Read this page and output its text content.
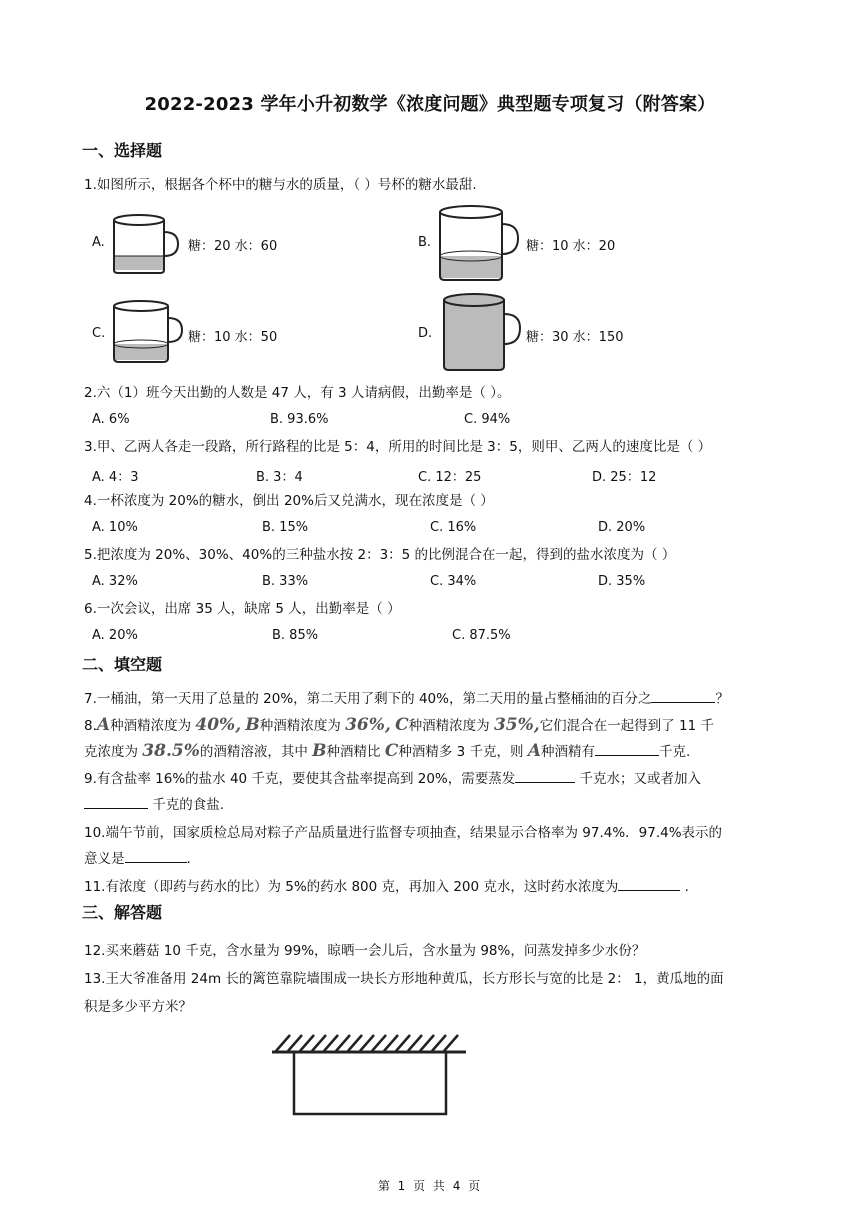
2022-2023 学年小升初数学《浓度问题》典型题专项复习（附答案）
一、选择题
1.如图所示，根据各个杯中的糖与水的质量，（ ）号杯的糖水最甜.
A.	糖：20 水：60	B.	糖：10 水：20
C.	糖：10 水：50	D.	糖：30 水：150
2.六（1）班今天出勤的人数是 47 人，有 3 人请病假，出勤率是（ ）。
A. 6%	B. 93.6%	C. 94%
3.甲、乙两人各走一段路，所行路程的比是 5：4，所用的时间比是 3：5，则甲、乙两人的速度比是（ ）
A. 4：3	B. 3：4	C. 12：25	D. 25：12
4.一杯浓度为 20%的糖水，倒出 20%后又兑满水，现在浓度是（ ）
A. 10%	B. 15%	C. 16%	D. 20%
5.把浓度为 20%、30%、40%的三种盐水按 2：3：5 的比例混合在一起，得到的盐水浓度为（ ）
A. 32%	B. 33%	C. 34%	D. 35%
6.一次会议，出席 35 人，缺席 5 人，出勤率是（ ）
A. 20%	B. 85%	C. 87.5%
二、填空题
7.一桶油，第一天用了总量的 20%，第二天用了剩下的 40%，第二天用的量占整桶油的百分之	？
8.A种酒精浓度为 40%, B种酒精浓度为 36%, C种酒精浓度为 35%,它们混合在一起得到了 11 千
克浓度为 38.5%的酒精溶液，其中 B种酒精比 C种酒精多 3 千克，则 A种酒精有	千克.
9.有含盐率 16%的盐水 40 千克，要使其含盐率提高到 20%，需要蒸发	千克水；又或者加入
千克的食盐.
10.端午节前，国家质检总局对粽子产品质量进行监督专项抽查，结果显示合格率为 97.4%．97.4%表示的
意义是	.
11.有浓度（即药与药水的比）为 5%的药水 800 克，再加入 200 克水，这时药水浓度为	.
三、解答题
12.买来蘑菇 10 千克，含水量为 99%，晾晒一会儿后，含水量为 98%，问蒸发掉多少水份？
13.王大爷准备用 24m 长的篱笆靠院墙围成一块长方形地种黄瓜，长方形长与宽的比是 2： 1，黄瓜地的面
积是多少平方米？
第 1 页 共 4 页
